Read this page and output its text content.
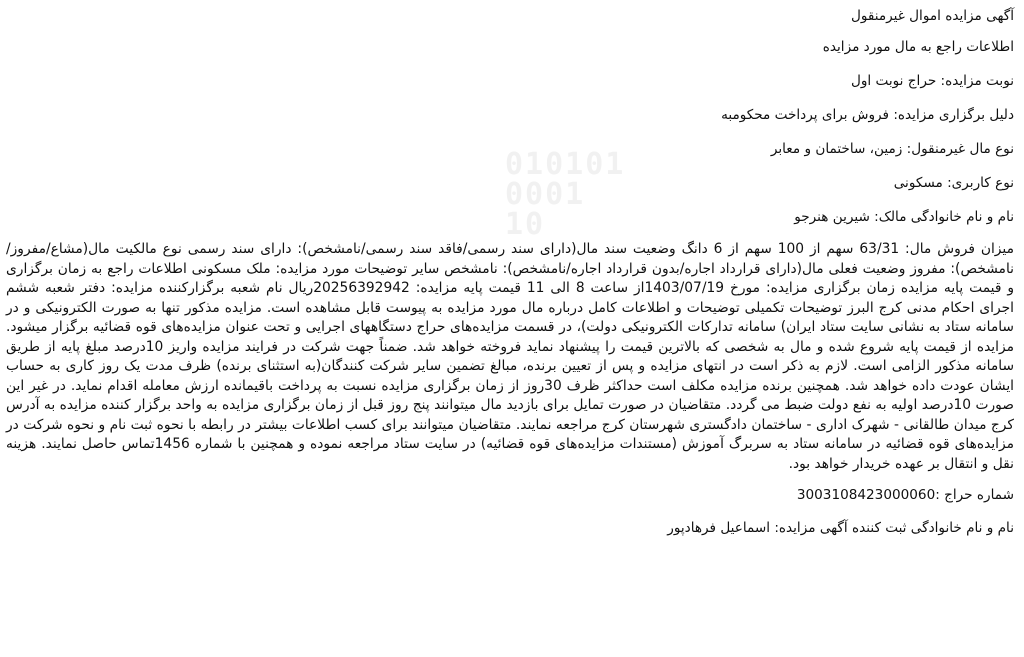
010101
0001
10
آگهی مزایده اموال غیرمنقول
اطلاعات راجع به مال مورد مزایده
نوبت مزایده: حراج نوبت اول
دلیل برگزاری مزایده: فروش برای پرداخت محکومبه
نوع مال غیرمنقول: زمین، ساختمان و معابر
نوع کاربری: مسکونی
نام و نام خانوادگی مالک: شیرین هنرجو
میزان فروش مال: 63/31 سهم از 100 سهم از 6 دانگ وضعیت سند مال(دارای سند رسمی/فاقد سند رسمی/نامشخص): دارای سند رسمی نوع مالکیت مال(مشاع/مفروز/نامشخص): مفروز وضعیت فعلی مال(دارای قرارداد اجاره/بدون قرارداد اجاره/نامشخص): نامشخص سایر توضیحات مورد مزایده: ملک مسکونی اطلاعات راجع به زمان برگزاری و قیمت پایه مزایده زمان برگزاری مزایده: مورخ 1403/07/19از ساعت 8 الی 11 قیمت پایه مزایده: 20256392942ریال نام شعبه برگزارکننده مزایده: دفتر شعبه ششم اجرای احکام مدنی کرج البرز توضیحات تکمیلی توضیحات و اطلاعات کامل درباره مال مورد مزایده به پیوست قابل مشاهده است. مزایده مذکور تنها به صورت الکترونیکی و در سامانه ستاد به نشانی سایت ستاد ایران) سامانه تدارکات الکترونیکی دولت)، در قسمت مزایده‌های حراج دستگاههای اجرایی و تحت عنوان مزایده‌های قوه قضائیه برگزار میشود. مزایده از قیمت پایه شروع شده و مال به شخصی که بالاترین قیمت را پیشنهاد نماید فروخته خواهد شد. ضمناً جهت شرکت در فرایند مزایده واریز 10درصد مبلغ پایه از طریق سامانه مذکور الزامی است. لازم به ذکر است در انتهای مزایده و پس از تعیین برنده، مبالغ تضمین سایر شرکت کنندگان(به استثنای برنده) ظرف مدت یک روز کاری به حساب ایشان عودت داده خواهد شد. همچنین برنده مزایده مکلف است حداکثر ظرف 30روز از زمان برگزاری مزایده نسبت به پرداخت باقیمانده ارزش معامله اقدام نماید. در غیر این صورت 10درصد اولیه به نفع دولت ضبط می گردد. متقاضیان در صورت تمایل برای بازدید مال میتوانند پنج روز قبل از زمان برگزاری مزایده به واحد برگزار کننده مزایده به آدرس کرج میدان طالقانی - شهرک اداری - ساختمان دادگستری شهرستان کرج مراجعه نمایند. متقاضیان میتوانند برای کسب اطلاعات بیشتر در رابطه با نحوه ثبت نام و نحوه شرکت در مزایده‌های قوه قضائیه در سامانه ستاد به سربرگ آموزش (مستندات مزایده‌های قوه قضائیه) در سایت ستاد مراجعه نموده و همچنین با شماره 1456تماس حاصل نمایند. هزینه نقل و انتقال بر عهده خریدار خواهد بود.
شماره حراج :3003108423000060
نام و نام خانوادگی ثبت کننده آگهی مزایده: اسماعیل فرهادپور
